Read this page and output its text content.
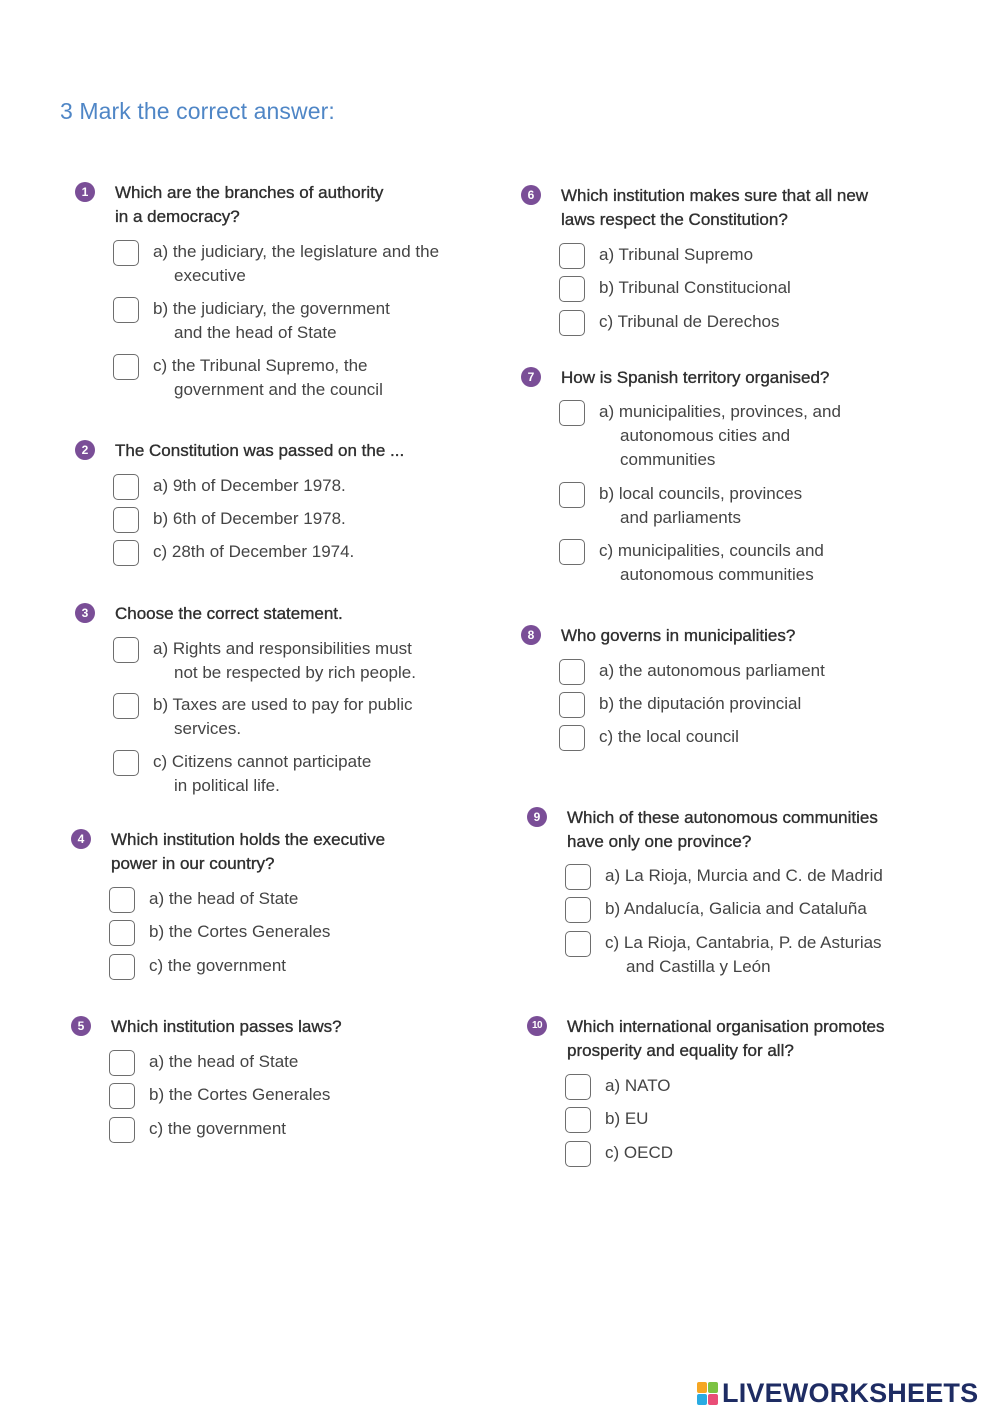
3 Mark the correct answer:
1	Which are the branches of authority
in a democracy?
a) the judiciary, the legislature and the
executive
b) the judiciary, the government
and the head of State
c) the Tribunal Supremo, the
government and the council
2	The Constitution was passed on the ...
a) 9th of December 1978.
b) 6th of December 1978.
c) 28th of December 1974.
3	Choose the correct statement.
a) Rights and responsibilities must
not be respected by rich people.
b) Taxes are used to pay for public
services.
c) Citizens cannot participate
in political life.
4	Which institution holds the executive
power in our country?
a) the head of State
b) the Cortes Generales
c) the government
5	Which institution passes laws?
a) the head of State
b) the Cortes Generales
c) the government
6	Which institution makes sure that all new
laws respect the Constitution?
a) Tribunal Supremo
b) Tribunal Constitucional
c) Tribunal de Derechos
7	How is Spanish territory organised?
a) municipalities, provinces, and
autonomous cities and
communities
b) local councils, provinces
and parliaments
c) municipalities, councils and
autonomous communities
8	Who governs in municipalities?
a) the autonomous parliament
b) the diputación provincial
c) the local council
9	Which of these autonomous communities
have only one province?
a) La Rioja, Murcia and C. de Madrid
b) Andalucía, Galicia and Cataluña
c) La Rioja, Cantabria, P. de Asturias
and Castilla y León
10 Which international organisation promotes
prosperity and equality for all?
a) NATO
b) EU
c) OECD
LIVEWORKSHEETS
